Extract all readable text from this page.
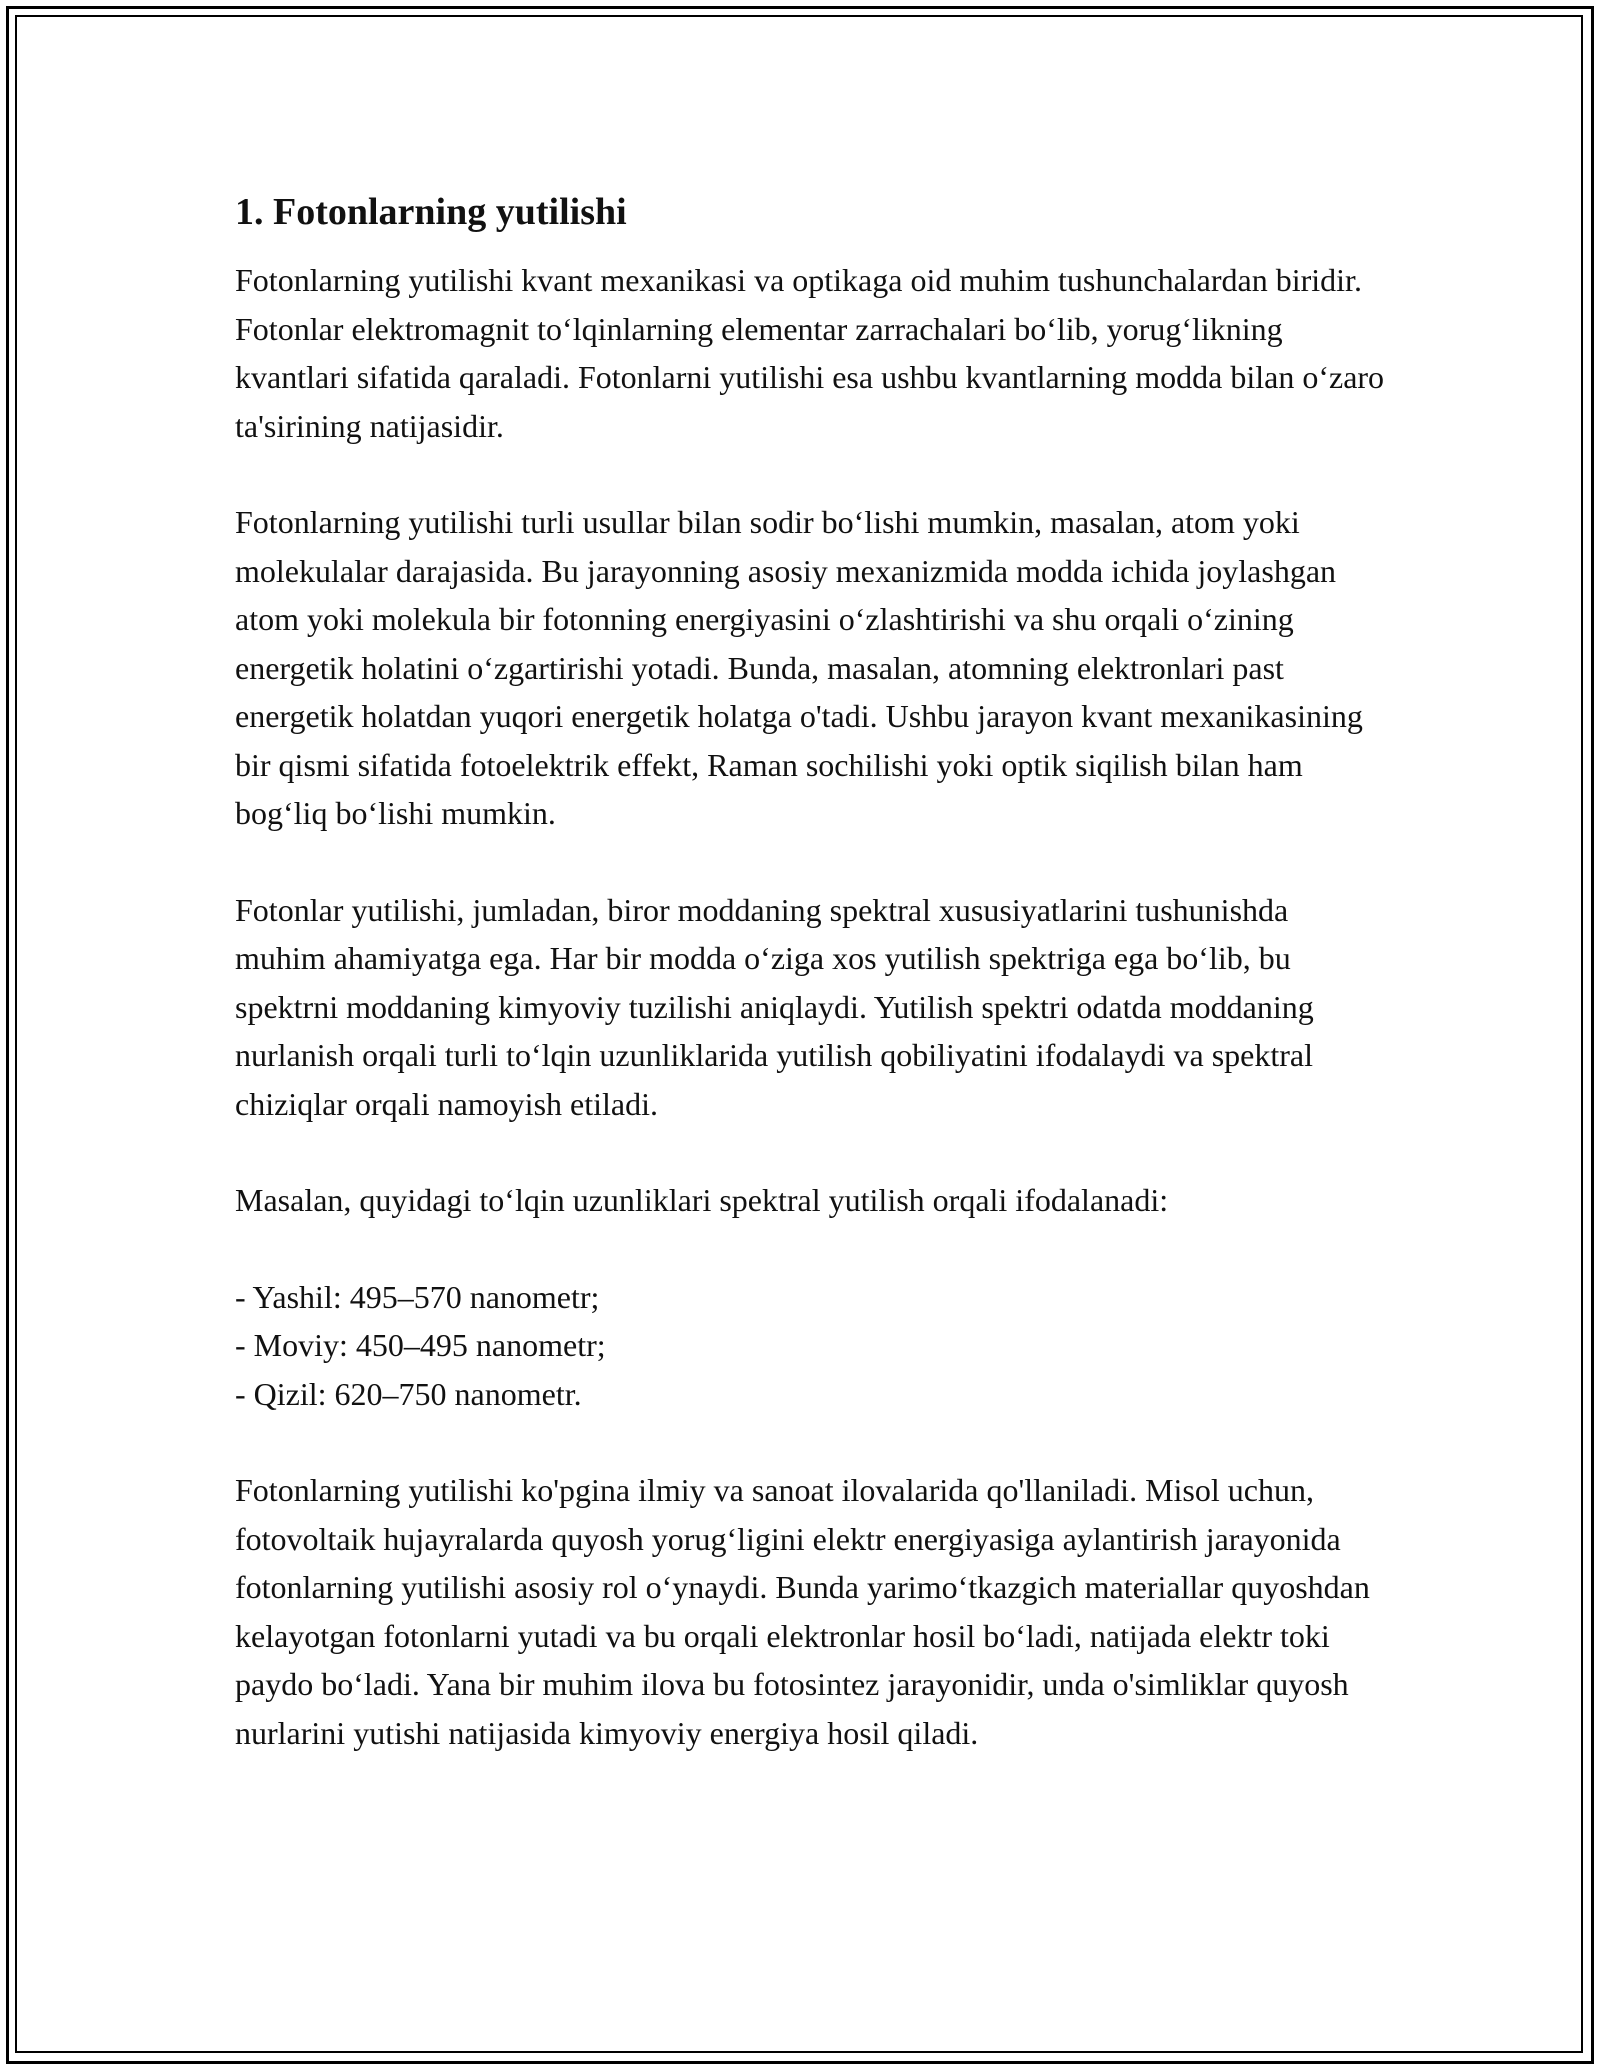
1. Fotonlarning yutilishi

Fotonlarning yutilishi kvant mexanikasi va optikaga oid muhim tushunchalardan biridir. Fotonlar elektromagnit to‘lqinlarning elementar zarrachalari bo‘lib, yorug‘likning kvantlari sifatida qaraladi. Fotonlarni yutilishi esa ushbu kvantlarning modda bilan o‘zaro ta'sirining natijasidir.

Fotonlarning yutilishi turli usullar bilan sodir bo‘lishi mumkin, masalan, atom yoki molekulalar darajasida. Bu jarayonning asosiy mexanizmida modda ichida joylashgan atom yoki molekula bir fotonning energiyasini o‘zlashtirishi va shu orqali o‘zining energetik holatini o‘zgartirishi yotadi. Bunda, masalan, atomning elektronlari past energetik holatdan yuqori energetik holatga o'tadi. Ushbu jarayon kvant mexanikasining bir qismi sifatida fotoelektrik effekt, Raman sochilishi yoki optik siqilish bilan ham bog‘liq bo‘lishi mumkin.

Fotonlar yutilishi, jumladan, biror moddaning spektral xususiyatlarini tushunishda muhim ahamiyatga ega. Har bir modda o‘ziga xos yutilish spektriga ega bo‘lib, bu spektrni moddaning kimyoviy tuzilishi aniqlaydi. Yutilish spektri odatda moddaning nurlanish orqali turli to‘lqin uzunliklarida yutilish qobiliyatini ifodalaydi va spektral chiziqlar orqali namoyish etiladi.

Masalan, quyidagi to‘lqin uzunliklari spektral yutilish orqali ifodalanadi:

- Yashil: 495–570 nanometr;
- Moviy: 450–495 nanometr;
- Qizil: 620–750 nanometr.

Fotonlarning yutilishi ko'pgina ilmiy va sanoat ilovalarida qo'llaniladi. Misol uchun, fotovoltaik hujayralarda quyosh yorug‘ligini elektr energiyasiga aylantirish jarayonida fotonlarning yutilishi asosiy rol o‘ynaydi. Bunda yarimo‘tkazgich materiallar quyoshdan kelayotgan fotonlarni yutadi va bu orqali elektronlar hosil bo‘ladi, natijada elektr toki paydo bo‘ladi. Yana bir muhim ilova bu fotosintez jarayonidir, unda o'simliklar quyosh nurlarini yutishi natijasida kimyoviy energiya hosil qiladi.
